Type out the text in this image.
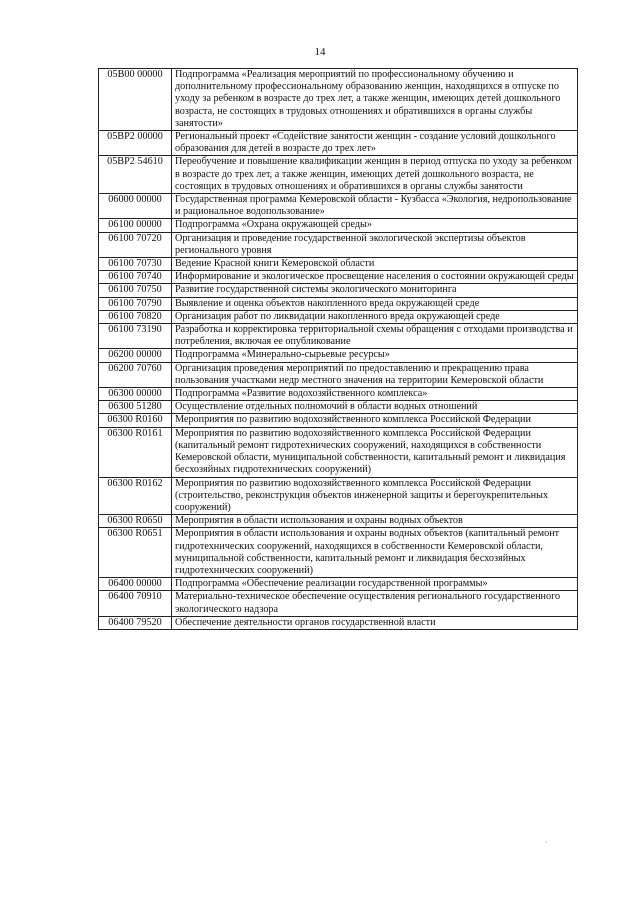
14
05В00 00000	Подпрограмма «Реализация мероприятий по профессиональному обучению и дополнительному профессиональному образованию женщин, находящихся в отпуске по уходу за ребенком в возрасте до трех лет, а также женщин, имеющих детей дошкольного возраста, не состоящих в трудовых отношениях и обратившихся в органы службы занятости»
05ВР2 00000	Региональный проект «Содействие занятости женщин - создание условий дошкольного образования для детей в возрасте до трех лет»
05ВР2 54610	Переобучение и повышение квалификации женщин в период отпуска по уходу за ребенком в возрасте до трех лет, а также женщин, имеющих детей дошкольного возраста, не состоящих в трудовых отношениях и обратившихся в органы службы занятости
06000 00000	Государственная программа Кемеровской области - Кузбасса «Экология, недропользование и рациональное водопользование»
06100 00000	Подпрограмма «Охрана окружающей среды»
06100 70720	Организация и проведение государственной экологической экспертизы объектов регионального уровня
06100 70730	Ведение Красной книги Кемеровской области
06100 70740	Информирование и экологическое просвещение населения о состоянии окружающей среды
06100 70750	Развитие государственной системы экологического мониторинга
06100 70790	Выявление и оценка объектов накопленного вреда окружающей среде
06100 70820	Организация работ по ликвидации накопленного вреда окружающей среде
06100 73190	Разработка и корректировка территориальной схемы обращения с отходами производства и потребления, включая ее опубликование
06200 00000	Подпрограмма «Минерально-сырьевые ресурсы»
06200 70760	Организация проведения мероприятий по предоставлению и прекращению права пользования участками недр местного значения на территории Кемеровской области
06300 00000	Подпрограмма «Развитие водохозяйственного комплекса»
06300 51280	Осуществление отдельных полномочий в области водных отношений
06300 R0160	Мероприятия по развитию водохозяйственного комплекса Российской Федерации
06300 R0161	Мероприятия по развитию водохозяйственного комплекса Российской Федерации (капитальный ремонт гидротехнических сооружений, находящихся в собственности Кемеровской области, муниципальной собственности, капитальный ремонт и ликвидация бесхозяйных гидротехнических сооружений)
06300 R0162	Мероприятия по развитию водохозяйственного комплекса Российской Федерации (строительство, реконструкция объектов инженерной защиты и берегоукрепительных сооружений)
06300 R0650	Мероприятия в области использования и охраны водных объектов
06300 R0651	Мероприятия в области использования и охраны водных объектов (капитальный ремонт гидротехнических сооружений, находящихся в собственности Кемеровской области, муниципальной собственности, капитальный ремонт и ликвидация бесхозяйных гидротехнических сооружений)
06400 00000	Подпрограмма «Обеспечение реализации государственной программы»
06400 70910	Материально-техническое обеспечение осуществления регионального государственного экологического надзора
06400 79520	Обеспечение деятельности органов государственной власти
·
